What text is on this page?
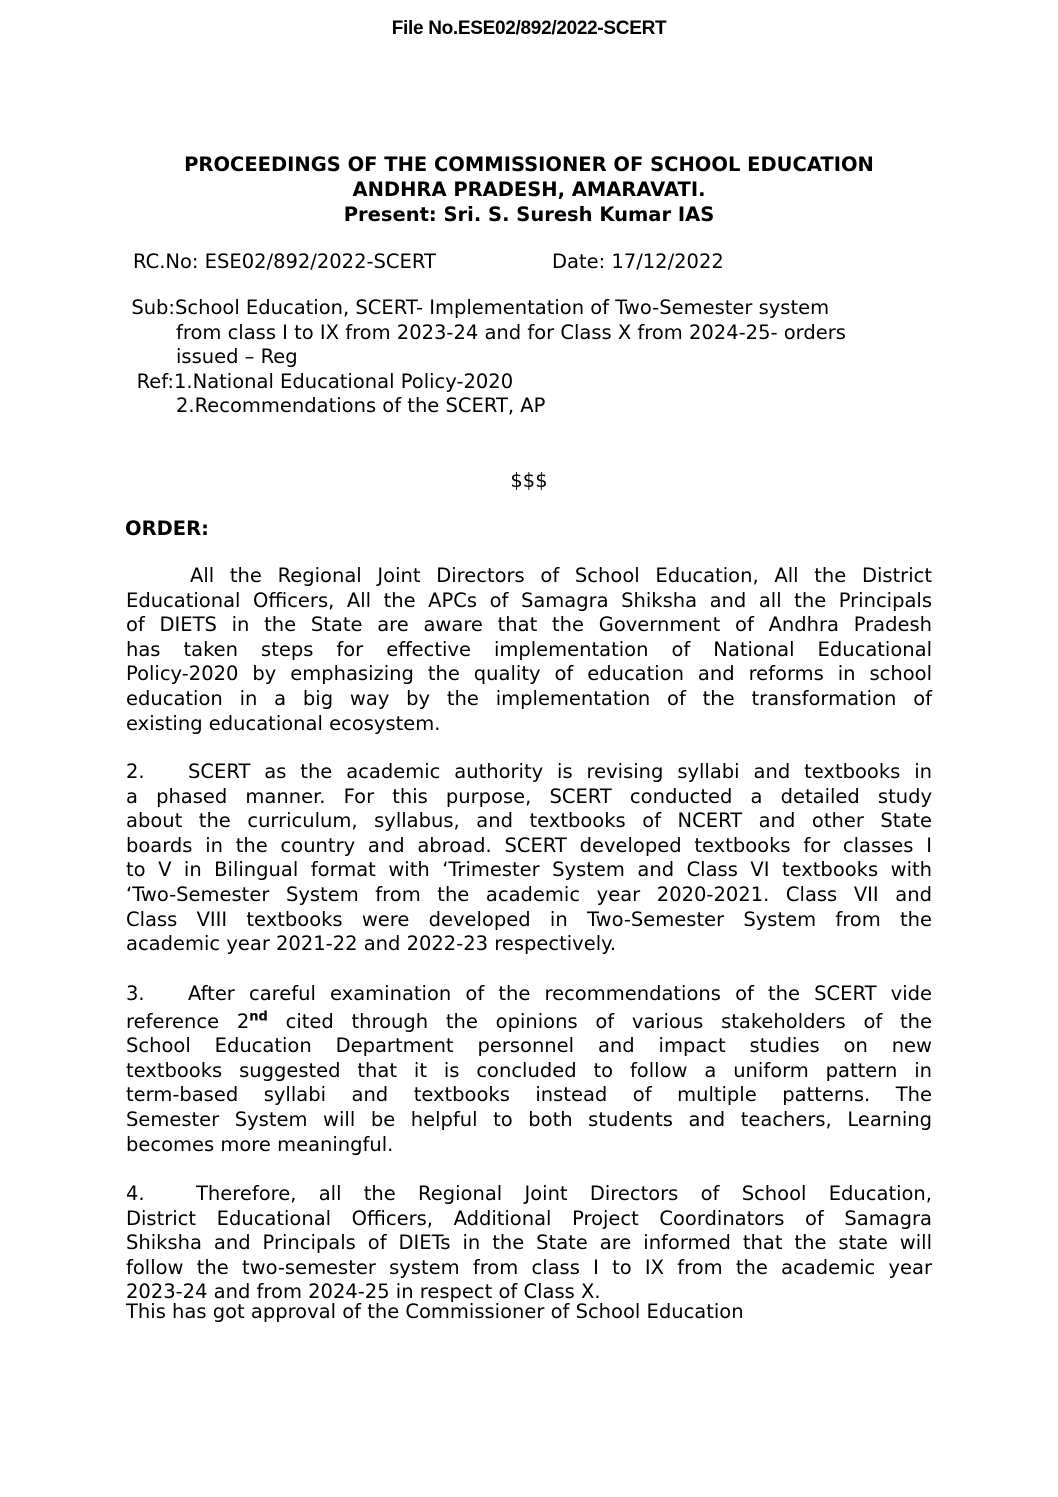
File No.ESE02/892/2022-SCERT
PROCEEDINGS OF THE COMMISSIONER OF SCHOOL EDUCATION
ANDHRA PRADESH, AMARAVATI.
Present: Sri. S. Suresh Kumar IAS
RC.No: ESE02/892/2022-SCERT	Date: 17/12/2022
Sub: School Education, SCERT- Implementation of Two-Semester system
from class I to IX from 2023-24 and for Class X from 2024-25- orders
issued – Reg
Ref: 1.National Educational Policy-2020
2.Recommendations of the SCERT, AP
$$$
ORDER:
All the Regional Joint Directors of School Education, All the District
Educational Officers, All the APCs of Samagra Shiksha and all the Principals
of DIETS in the State are aware that the Government of Andhra Pradesh
has taken steps for effective implementation of National Educational
Policy-2020 by emphasizing the quality of education and reforms in school
education in a big way by the implementation of the transformation of
existing educational ecosystem.
2. SCERT as the academic authority is revising syllabi and textbooks in
a phased manner. For this purpose, SCERT conducted a detailed study
about the curriculum, syllabus, and textbooks of NCERT and other State
boards in the country and abroad. SCERT developed textbooks for classes I
to V in Bilingual format with ‘Trimester System and Class VI textbooks with
‘Two-Semester System from the academic year 2020-2021. Class VII and
Class VIII textbooks were developed in Two-Semester System from the
academic year 2021-22 and 2022-23 respectively.
3. After careful examination of the recommendations of the SCERT vide
reference 2nd cited through the opinions of various stakeholders of the
School Education Department personnel and impact studies on new
textbooks suggested that it is concluded to follow a uniform pattern in
term-based syllabi and textbooks instead of multiple patterns. The
Semester System will be helpful to both students and teachers, Learning
becomes more meaningful.
4.	Therefore, all the Regional Joint Directors of School Education,
District Educational Officers, Additional Project Coordinators of Samagra
Shiksha and Principals of DIETs in the State are informed that the state will
follow the two-semester system from class I to IX from the academic year
2023-24 and from 2024-25 in respect of Class X.
This has got approval of the Commissioner of School Education
